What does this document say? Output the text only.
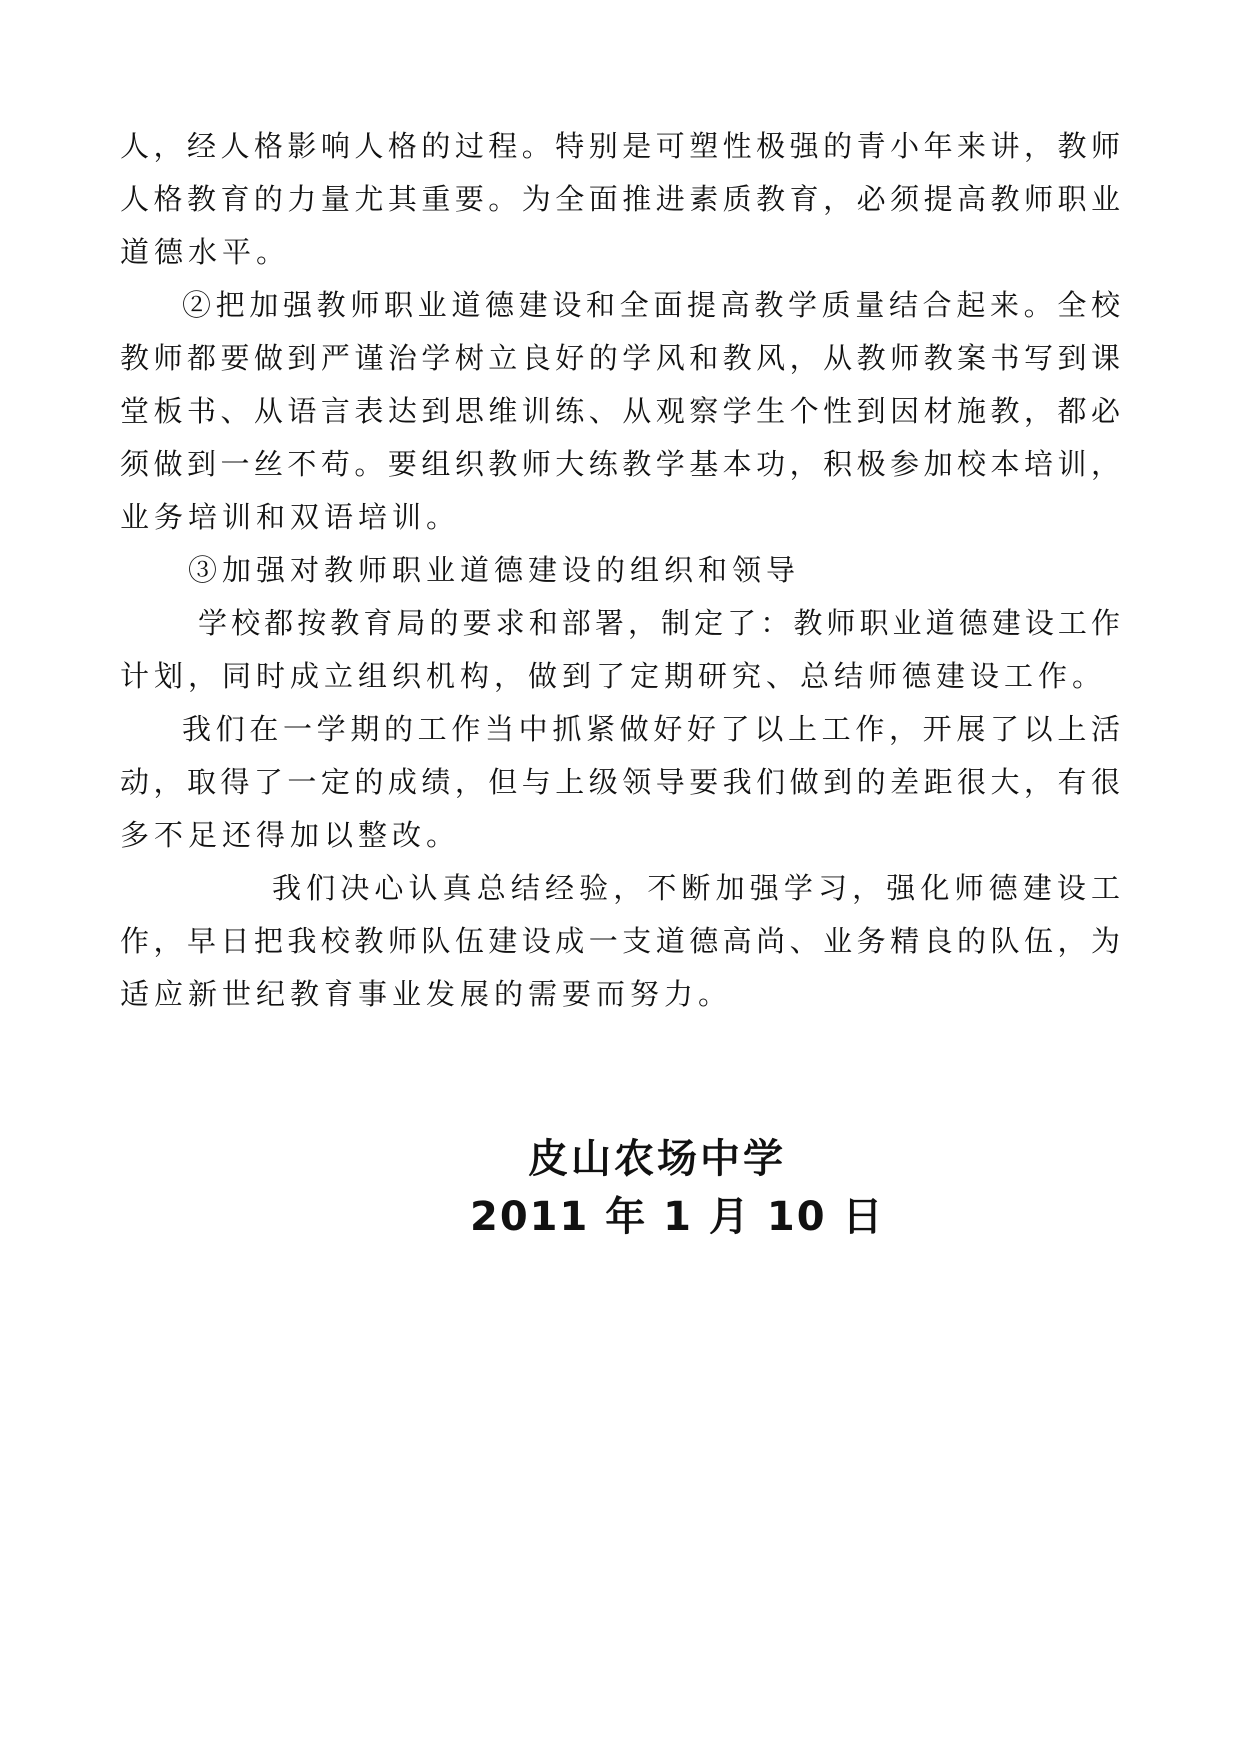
人，经人格影响人格的过程。特别是可塑性极强的青小年来讲，教师
人格教育的力量尤其重要。为全面推进素质教育，必须提高教师职业
道德水平。
②把加强教师职业道德建设和全面提高教学质量结合起来。全校
教师都要做到严谨治学树立良好的学风和教风，从教师教案书写到课
堂板书、从语言表达到思维训练、从观察学生个性到因材施教，都必
须做到一丝不苟。要组织教师大练教学基本功，积极参加校本培训，
业务培训和双语培训。
③加强对教师职业道德建设的组织和领导
学校都按教育局的要求和部署，制定了：教师职业道德建设工作
计划，同时成立组织机构，做到了定期研究、总结师德建设工作。
我们在一学期的工作当中抓紧做好好了以上工作，开展了以上活
动，取得了一定的成绩，但与上级领导要我们做到的差距很大，有很
多不足还得加以整改。
我们决心认真总结经验，不断加强学习，强化师德建设工
作，早日把我校教师队伍建设成一支道德高尚、业务精良的队伍，为
适应新世纪教育事业发展的需要而努力。
皮山农场中学
2011 年 1 月 10 日
